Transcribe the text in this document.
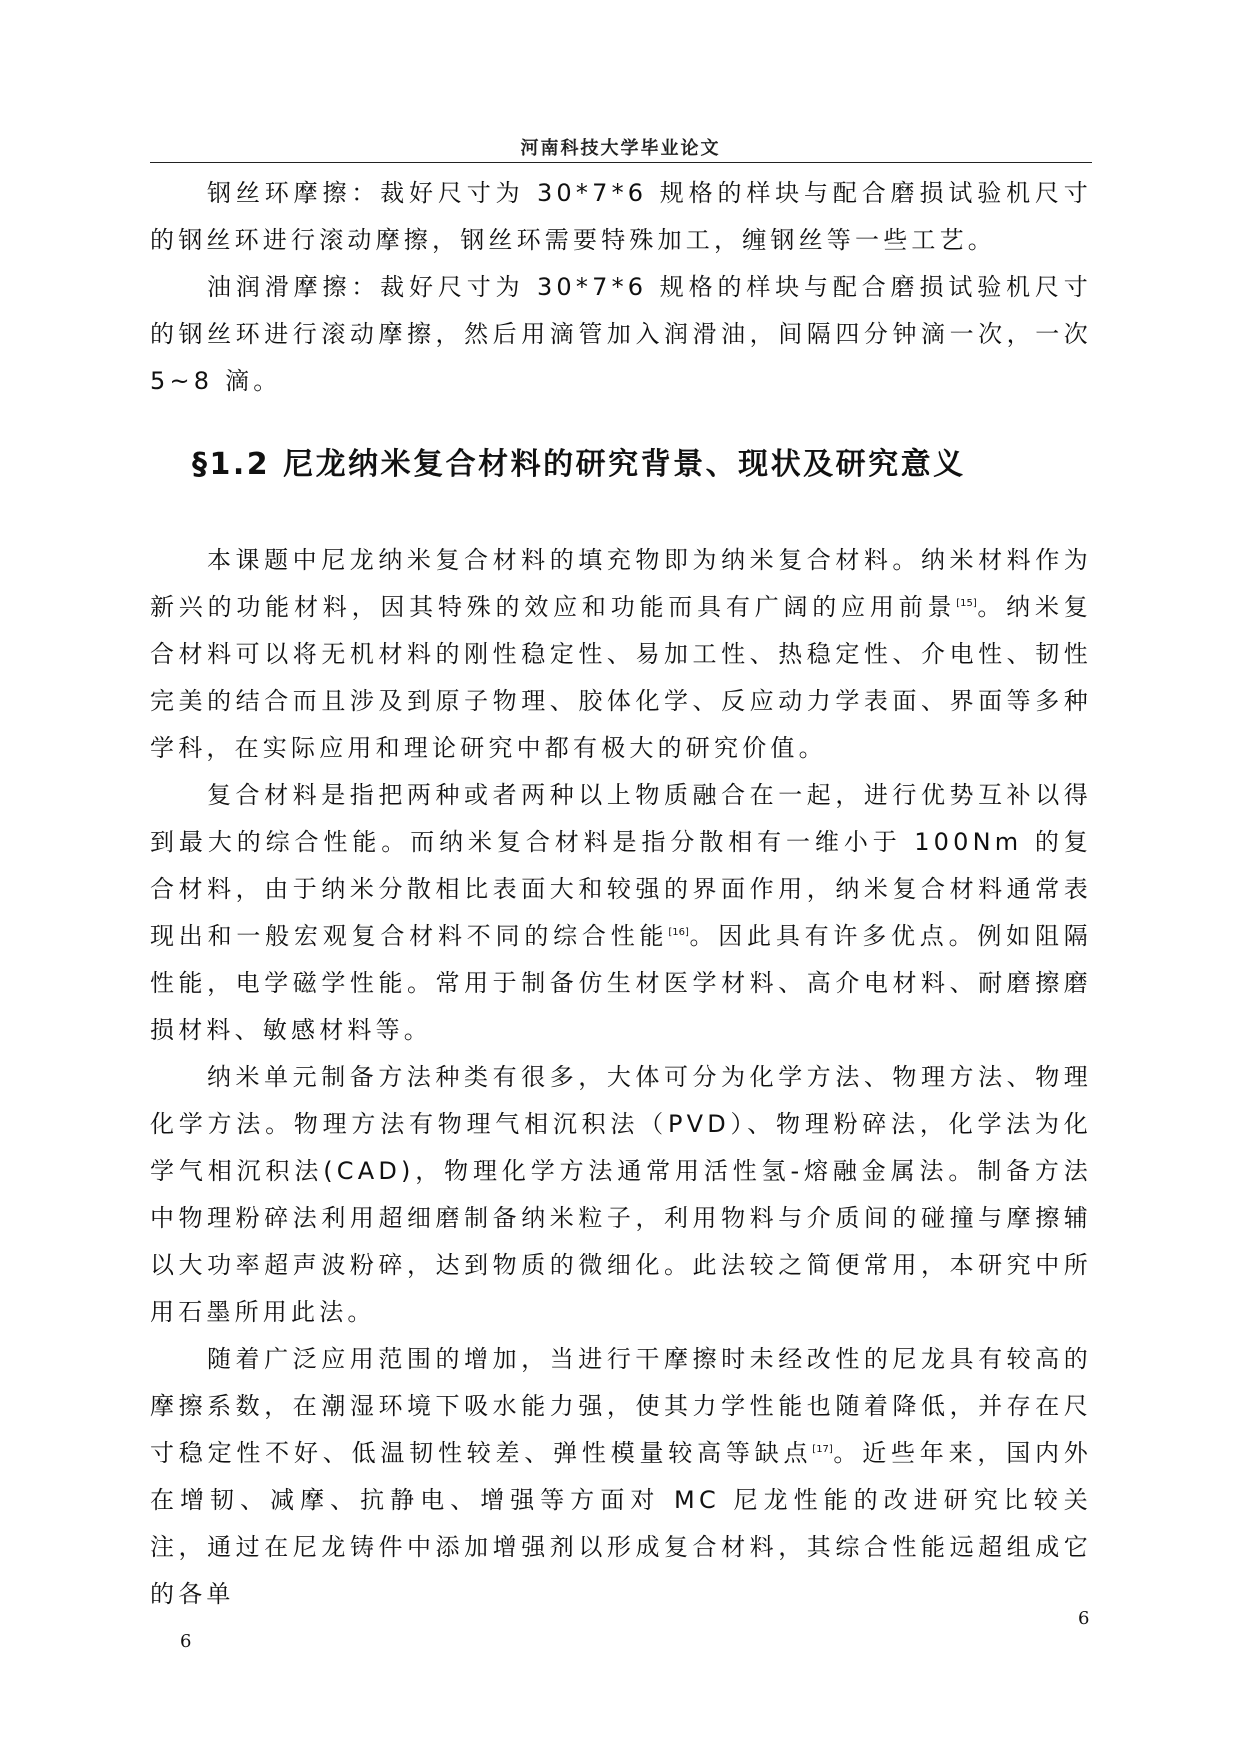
河南科技大学毕业论文

钢丝环摩擦：裁好尺寸为 30*7*6 规格的样块与配合磨损试验机尺寸的钢丝环进行滚动摩擦，钢丝环需要特殊加工，缠钢丝等一些工艺。

油润滑摩擦：裁好尺寸为 30*7*6 规格的样块与配合磨损试验机尺寸的钢丝环进行滚动摩擦，然后用滴管加入润滑油，间隔四分钟滴一次，一次 5~8 滴。

§1.2 尼龙纳米复合材料的研究背景、现状及研究意义

本课题中尼龙纳米复合材料的填充物即为纳米复合材料。纳米材料作为新兴的功能材料，因其特殊的效应和功能而具有广阔的应用前景[15]。纳米复合材料可以将无机材料的刚性稳定性、易加工性、热稳定性、介电性、韧性完美的结合而且涉及到原子物理、胶体化学、反应动力学表面、界面等多种学科，在实际应用和理论研究中都有极大的研究价值。

复合材料是指把两种或者两种以上物质融合在一起，进行优势互补以得到最大的综合性能。而纳米复合材料是指分散相有一维小于 100Nm 的复合材料，由于纳米分散相比表面大和较强的界面作用，纳米复合材料通常表现出和一般宏观复合材料不同的综合性能[16]。因此具有许多优点。例如阻隔性能，电学磁学性能。常用于制备仿生材医学材料、高介电材料、耐磨擦磨损材料、敏感材料等。

纳米单元制备方法种类有很多，大体可分为化学方法、物理方法、物理化学方法。物理方法有物理气相沉积法（PVD）、物理粉碎法，化学法为化学气相沉积法(CAD)，物理化学方法通常用活性氢-熔融金属法。制备方法中物理粉碎法利用超细磨制备纳米粒子，利用物料与介质间的碰撞与摩擦辅以大功率超声波粉碎，达到物质的微细化。此法较之简便常用，本研究中所用石墨所用此法。

随着广泛应用范围的增加，当进行干摩擦时未经改性的尼龙具有较高的摩擦系数，在潮湿环境下吸水能力强，使其力学性能也随着降低，并存在尺寸稳定性不好、低温韧性较差、弹性模量较高等缺点[17]。近些年来，国内外在增韧、减摩、抗静电、增强等方面对 MC 尼龙性能的改进研究比较关注，通过在尼龙铸件中添加增强剂以形成复合材料，其综合性能远超组成它的各单

6
6
